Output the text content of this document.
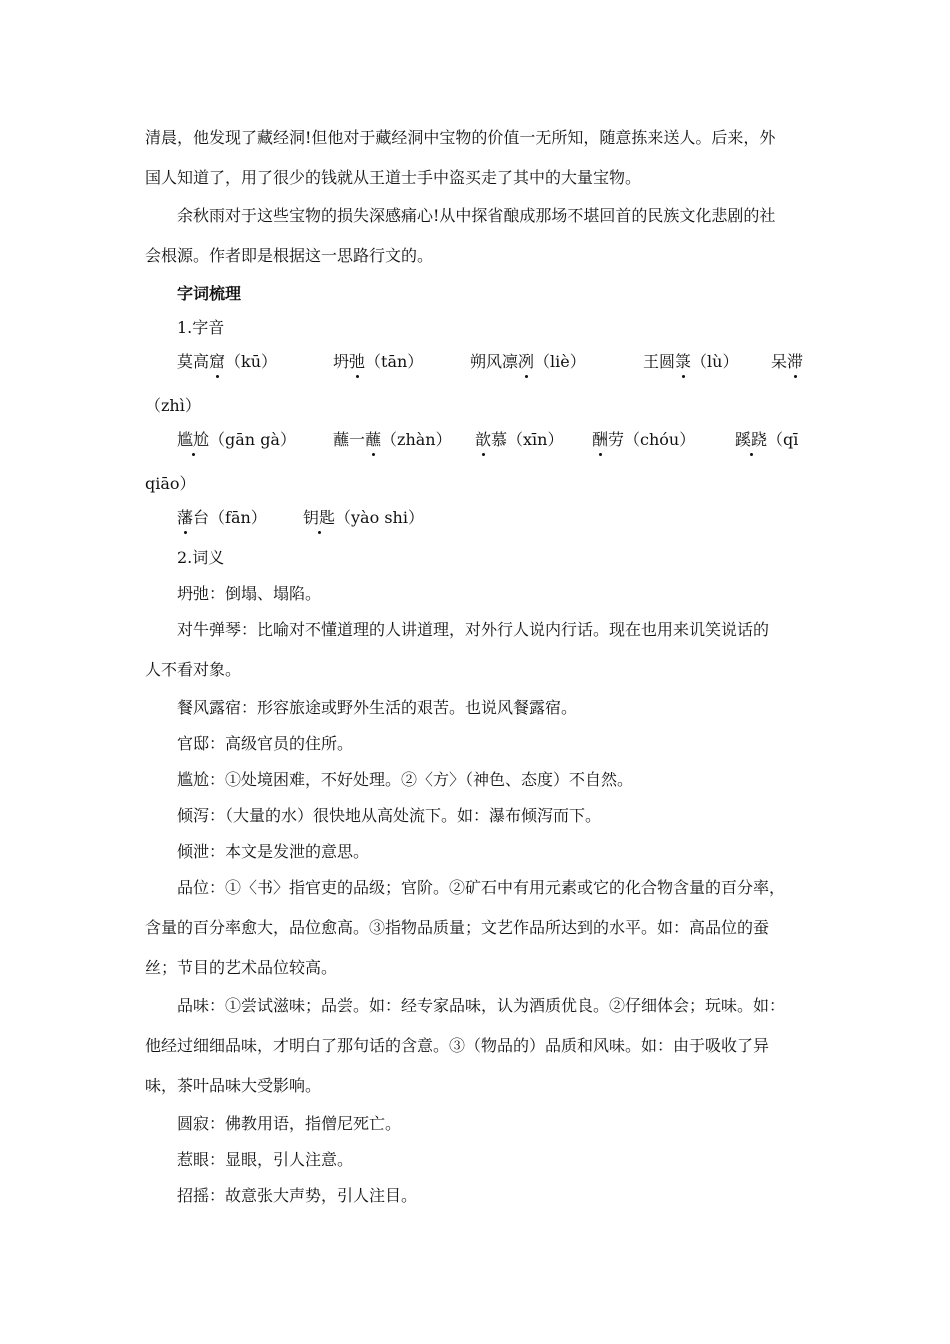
清晨，他发现了藏经洞!但他对于藏经洞中宝物的价值一无所知，随意拣来送人。后来，外
国人知道了，用了很少的钱就从王道士手中盗买走了其中的大量宝物。
余秋雨对于这些宝物的损失深感痛心!从中探省酿成那场不堪回首的民族文化悲剧的社
会根源。作者即是根据这一思路行文的。
字词梳理
1.字音
莫高窟（kū）	坍弛（tān）	朔风凛冽（liè）	王圆箓（lù） 呆滞
（zhì）
尴尬（gān gà） 蘸一蘸（zhàn） 歆慕（xīn） 酬劳（chóu） 蹊跷（qī
qiāo）
藩台（fān） 钥匙（yào shi）
2.词义
坍弛：倒塌、塌陷。
对牛弹琴：比喻对不懂道理的人讲道理，对外行人说内行话。现在也用来讥笑说话的
人不看对象。
餐风露宿：形容旅途或野外生活的艰苦。也说风餐露宿。
官邸：高级官员的住所。
尴尬：①处境困难，不好处理。②〈方〉（神色、态度）不自然。
倾泻：（大量的水）很快地从高处流下。如：瀑布倾泻而下。
倾泄：本文是发泄的意思。
品位：①〈书〉指官吏的品级；官阶。②矿石中有用元素或它的化合物含量的百分率，
含量的百分率愈大，品位愈高。③指物品质量；文艺作品所达到的水平。如：高品位的蚕
丝；节目的艺术品位较高。
品味：①尝试滋味；品尝。如：经专家品味，认为酒质优良。②仔细体会；玩味。如：
他经过细细品味，才明白了那句话的含意。③（物品的）品质和风味。如：由于吸收了异
味，茶叶品味大受影响。
圆寂：佛教用语，指僧尼死亡。
惹眼：显眼，引人注意。
招摇：故意张大声势，引人注目。
